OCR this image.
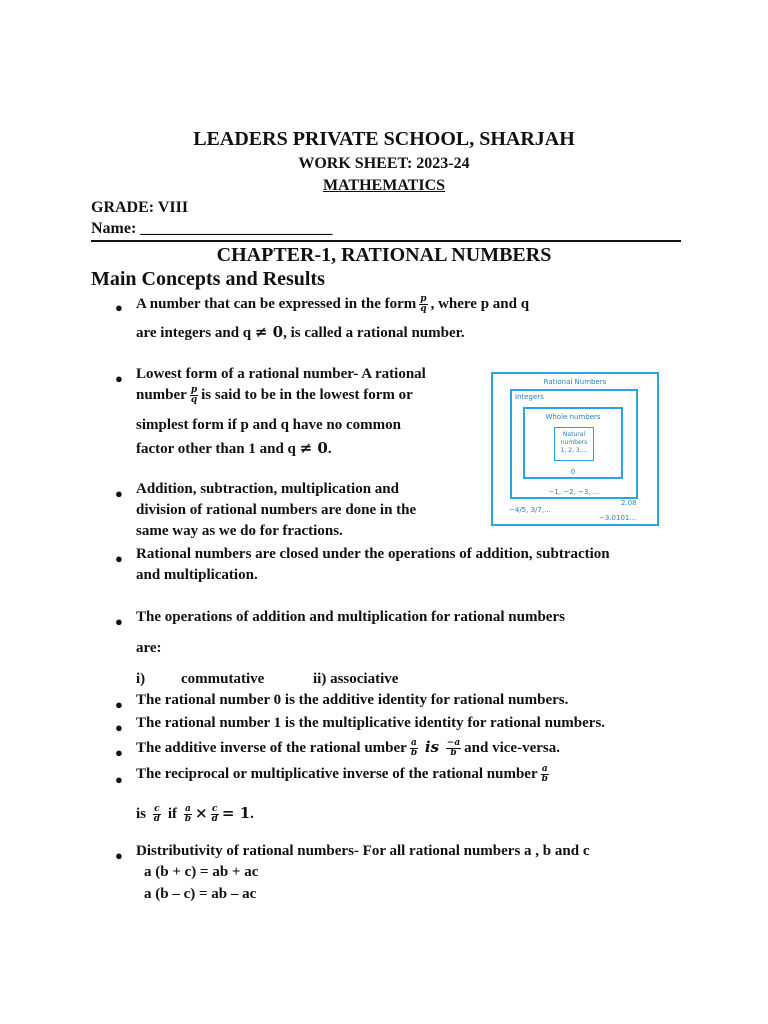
LEADERS PRIVATE SCHOOL, SHARJAH
WORK SHEET: 2023-24
MATHEMATICS
GRADE: VIII
Name: ________________________
CHAPTER-1, RATIONAL NUMBERS
Main Concepts and Results
● A number that can be expressed in the form $\frac{p}{q}$ , where p and q
are integers and q ≠ 0, is called a rational number.
● Lowest form of a rational number- A rational
number $\frac{p}{q}$ is said to be in the lowest form or
simplest form if p and q have no common
factor other than 1 and q ≠ 0.
● Addition, subtraction, multiplication and
division of rational numbers are done in the
same way as we do for fractions.
Rational Numbers
Integers
Whole numbers
Natural
numbers
1, 2, 3,...
0
−1, −2, −3, ...
2.08
−4/5, 3/7,...
−3.0101...
● Rational numbers are closed under the operations of addition, subtraction
and multiplication.
● The operations of addition and multiplication for rational numbers
are:
i) commutative	ii) associative
● The rational number 0 is the additive identity for rational numbers.
● The rational number 1 is the multiplicative identity for rational numbers.
● The additive inverse of the rational umber $\frac{a}{b}$ is $\frac{-a}{b}$ and vice-versa.
● The reciprocal or multiplicative inverse of the rational number $\frac{a}{b}$
is $\frac{c}{d}$ if $\frac{a}{b} \times \frac{c}{d} = 1$.
● Distributivity of rational numbers- For all rational numbers a , b and c
a (b + c) = ab + ac
a (b – c) = ab – ac
